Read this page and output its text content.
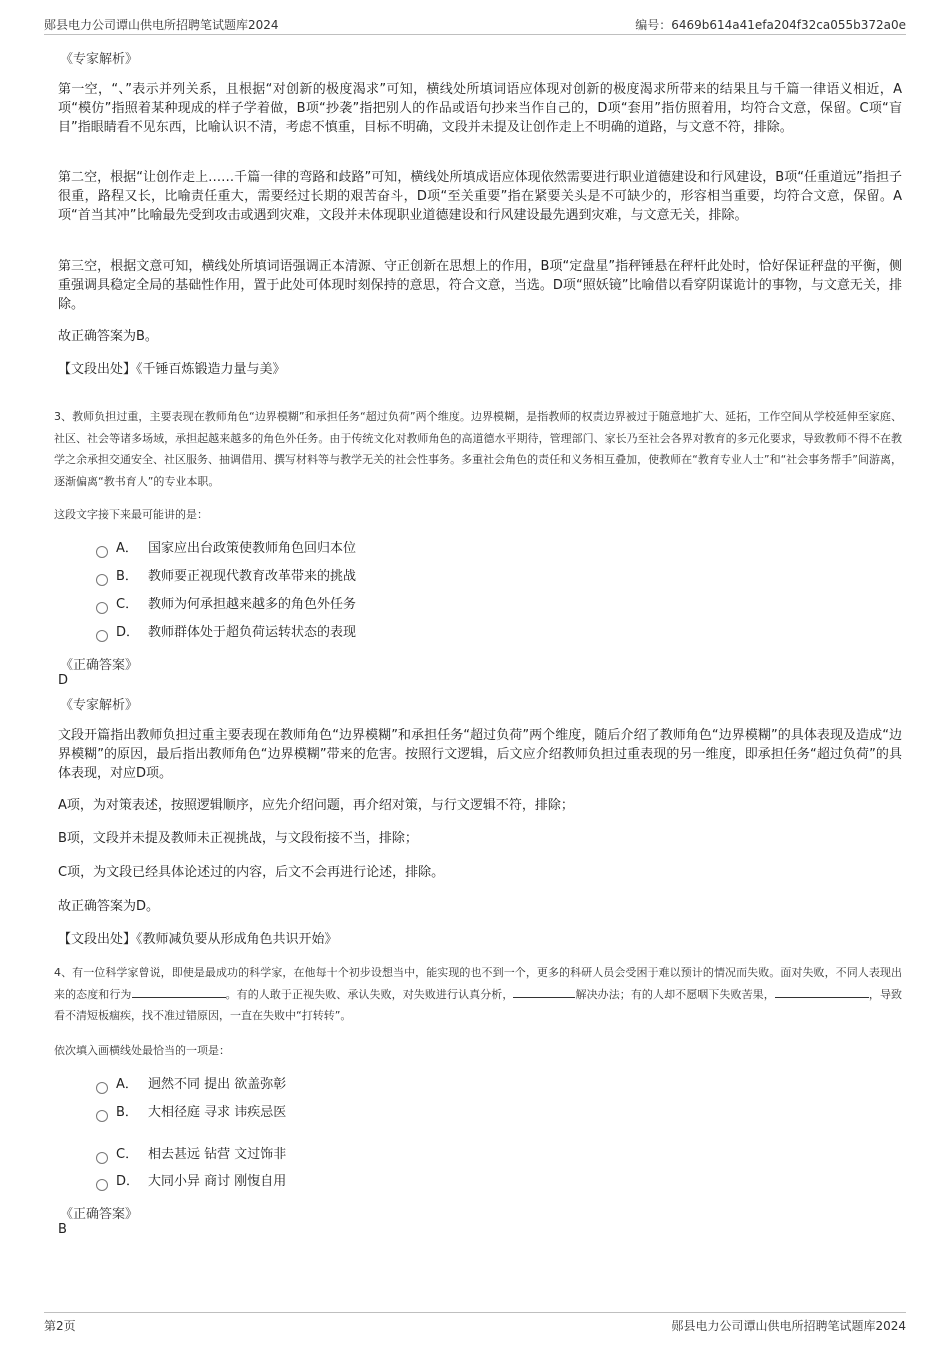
郧县电力公司谭山供电所招聘笔试题库2024	编号：6469b614a41efa204f32ca055b372a0e
《专家解析》
第一空，“、”表示并列关系，且根据“对创新的极度渴求”可知，横线处所填词语应体现对创新的极度渴求所带来的结果且与千篇一律语义相近，A项“模仿”指照着某种现成的样子学着做，B项“抄袭”指把别人的作品或语句抄来当作自己的，D项“套用”指仿照着用，均符合文意，保留。C项“盲目”指眼睛看不见东西，比喻认识不清，考虑不慎重，目标不明确，文段并未提及让创作走上不明确的道路，与文意不符，排除。
第二空，根据“让创作走上……千篇一律的弯路和歧路”可知，横线处所填成语应体现依然需要进行职业道德建设和行风建设，B项“任重道远”指担子很重，路程又长，比喻责任重大，需要经过长期的艰苦奋斗，D项“至关重要”指在紧要关头是不可缺少的，形容相当重要，均符合文意，保留。A项“首当其冲”比喻最先受到攻击或遇到灾难，文段并未体现职业道德建设和行风建设最先遇到灾难，与文意无关，排除。
第三空，根据文意可知，横线处所填词语强调正本清源、守正创新在思想上的作用，B项“定盘星”指秤锤悬在秤杆此处时，恰好保证秤盘的平衡，侧重强调具稳定全局的基础性作用，置于此处可体现时刻保持的意思，符合文意，当选。D项“照妖镜”比喻借以看穿阴谋诡计的事物，与文意无关，排除。
故正确答案为B。
【文段出处】《千锤百炼锻造力量与美》
3、教师负担过重，主要表现在教师角色“边界模糊”和承担任务“超过负荷”两个维度。边界模糊，是指教师的权责边界被过于随意地扩大、延拓，工作空间从学校延伸至家庭、社区、社会等诸多场域，承担起越来越多的角色外任务。由于传统文化对教师角色的高道德水平期待，管理部门、家长乃至社会各界对教育的多元化要求，导致教师不得不在教学之余承担交通安全、社区服务、抽调借用、撰写材料等与教学无关的社会性事务。多重社会角色的责任和义务相互叠加，使教师在“教育专业人士”和“社会事务帮手”间游离，逐渐偏离“教书育人”的专业本职。
这段文字接下来最可能讲的是：
A． 国家应出台政策使教师角色回归本位
B． 教师要正视现代教育改革带来的挑战
C． 教师为何承担越来越多的角色外任务
D． 教师群体处于超负荷运转状态的表现
《正确答案》
D
《专家解析》
文段开篇指出教师负担过重主要表现在教师角色“边界模糊”和承担任务“超过负荷”两个维度，随后介绍了教师角色“边界模糊”的具体表现及造成“边界模糊”的原因，最后指出教师角色“边界模糊”带来的危害。按照行文逻辑，后文应介绍教师负担过重表现的另一维度，即承担任务“超过负荷”的具体表现，对应D项。
A项，为对策表述，按照逻辑顺序，应先介绍问题，再介绍对策，与行文逻辑不符，排除；
B项，文段并未提及教师未正视挑战，与文段衔接不当，排除；
C项，为文段已经具体论述过的内容，后文不会再进行论述，排除。
故正确答案为D。
【文段出处】《教师减负要从形成角色共识开始》
4、有一位科学家曾说，即使是最成功的科学家，在他每十个初步设想当中，能实现的也不到一个，更多的科研人员会受困于难以预计的情况而失败。面对失败，不同人表现出来的态度和行为	。有的人敢于正视失败、承认失败，对失败进行认真分析，	解决办法；有的人却不愿咽下失败苦果，	，导致看不清短板痼疾，找不准过错原因，一直在失败中“打转转”。
依次填入画横线处最恰当的一项是：
A． 迥然不同 提出 欲盖弥彰
B． 大相径庭 寻求 讳疾忌医
C． 相去甚远 钻营 文过饰非
D． 大同小异 商讨 刚愎自用
《正确答案》
B
第2页	郧县电力公司谭山供电所招聘笔试题库2024
